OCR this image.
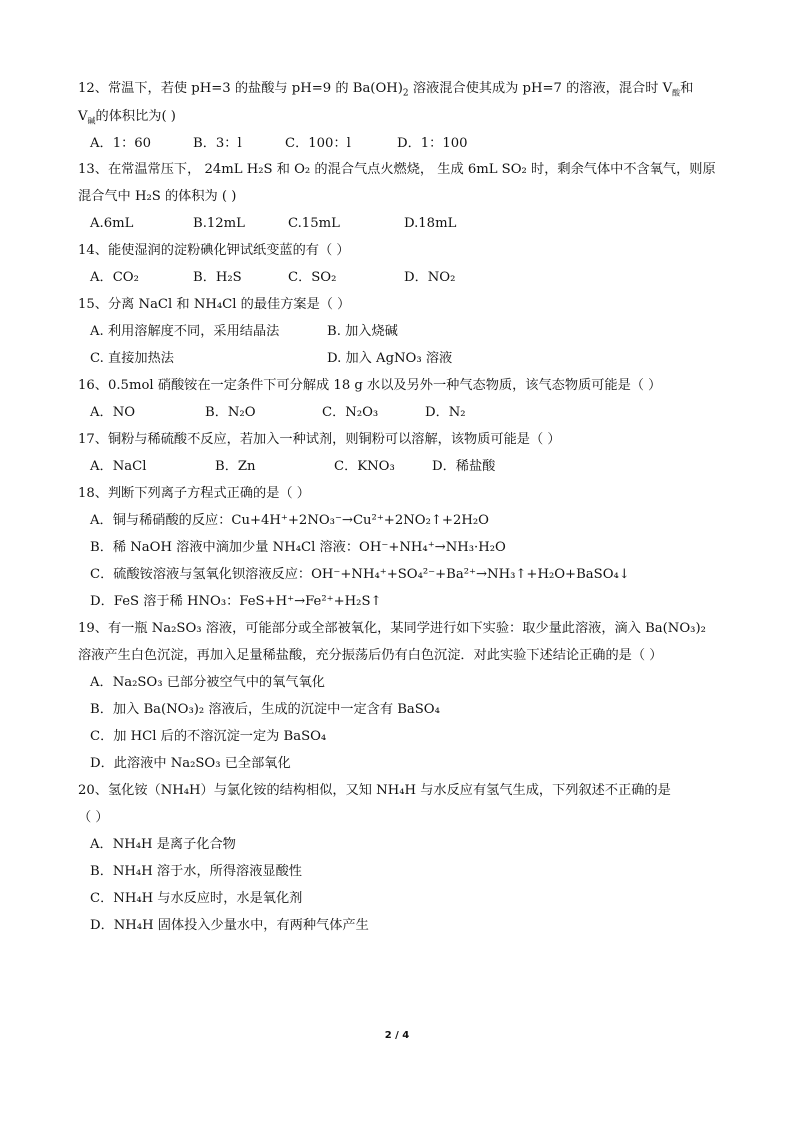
12、常温下，若使 pH=3 的盐酸与 pH=9 的 $Ba(OH)_2$ 溶液混合使其成为 pH=7 的溶液，混合时 $V_酸$和
$V_碱$的体积比为( )
A．1：60	B．3：l	C．100：l	D．1：100
13、在常温常压下， 24mL H₂S 和 O₂ 的混合气点火燃烧， 生成 6mL SO₂ 时，剩余气体中不含氧气，则原
混合气中 H₂S 的体积为 ( )
A.6mL	B.12mL	C.15mL	D.18mL
14、能使湿润的淀粉碘化钾试纸变蓝的有（ ）
A．CO₂	B．H₂S	C．SO₂	D．NO₂
15、分离 NaCl 和 NH₄Cl 的最佳方案是（ ）
A. 利用溶解度不同，采用结晶法	B. 加入烧碱
C. 直接加热法	D. 加入 AgNO₃ 溶液
16、0.5mol 硝酸铵在一定条件下可分解成 18 g 水以及另外一种气态物质，该气态物质可能是（ ）
A．NO	B．N₂O	C．N₂O₃	D．N₂
17、铜粉与稀硫酸不反应，若加入一种试剂，则铜粉可以溶解，该物质可能是（ ）
A．NaCl	B．Zn	C．KNO₃	D．稀盐酸
18、判断下列离子方程式正确的是（ ）
A．铜与稀硝酸的反应：Cu+4H⁺+2NO₃⁻→Cu²⁺+2NO₂↑+2H₂O
B．稀 NaOH 溶液中滴加少量 NH₄Cl 溶液：OH⁻+NH₄⁺→NH₃·H₂O
C．硫酸铵溶液与氢氧化钡溶液反应：OH⁻+NH₄⁺+SO₄²⁻+Ba²⁺→NH₃↑+H₂O+BaSO₄↓
D．FeS 溶于稀 HNO₃：FeS+H⁺→Fe²⁺+H₂S↑
19、有一瓶 Na₂SO₃ 溶液，可能部分或全部被氧化，某同学进行如下实验：取少量此溶液，滴入 Ba(NO₃)₂
溶液产生白色沉淀，再加入足量稀盐酸，充分振荡后仍有白色沉淀．对此实验下述结论正确的是（ ）
A．Na₂SO₃ 已部分被空气中的氧气氧化
B．加入 Ba(NO₃)₂ 溶液后，生成的沉淀中一定含有 BaSO₄
C．加 HCl 后的不溶沉淀一定为 BaSO₄
D．此溶液中 Na₂SO₃ 已全部氧化
20、氢化铵（NH₄H）与氯化铵的结构相似，又知 NH₄H 与水反应有氢气生成，下列叙述不正确的是
（ ）
A．NH₄H 是离子化合物
B．NH₄H 溶于水，所得溶液显酸性
C．NH₄H 与水反应时，水是氧化剂
D．NH₄H 固体投入少量水中，有两种气体产生
2 / 4
